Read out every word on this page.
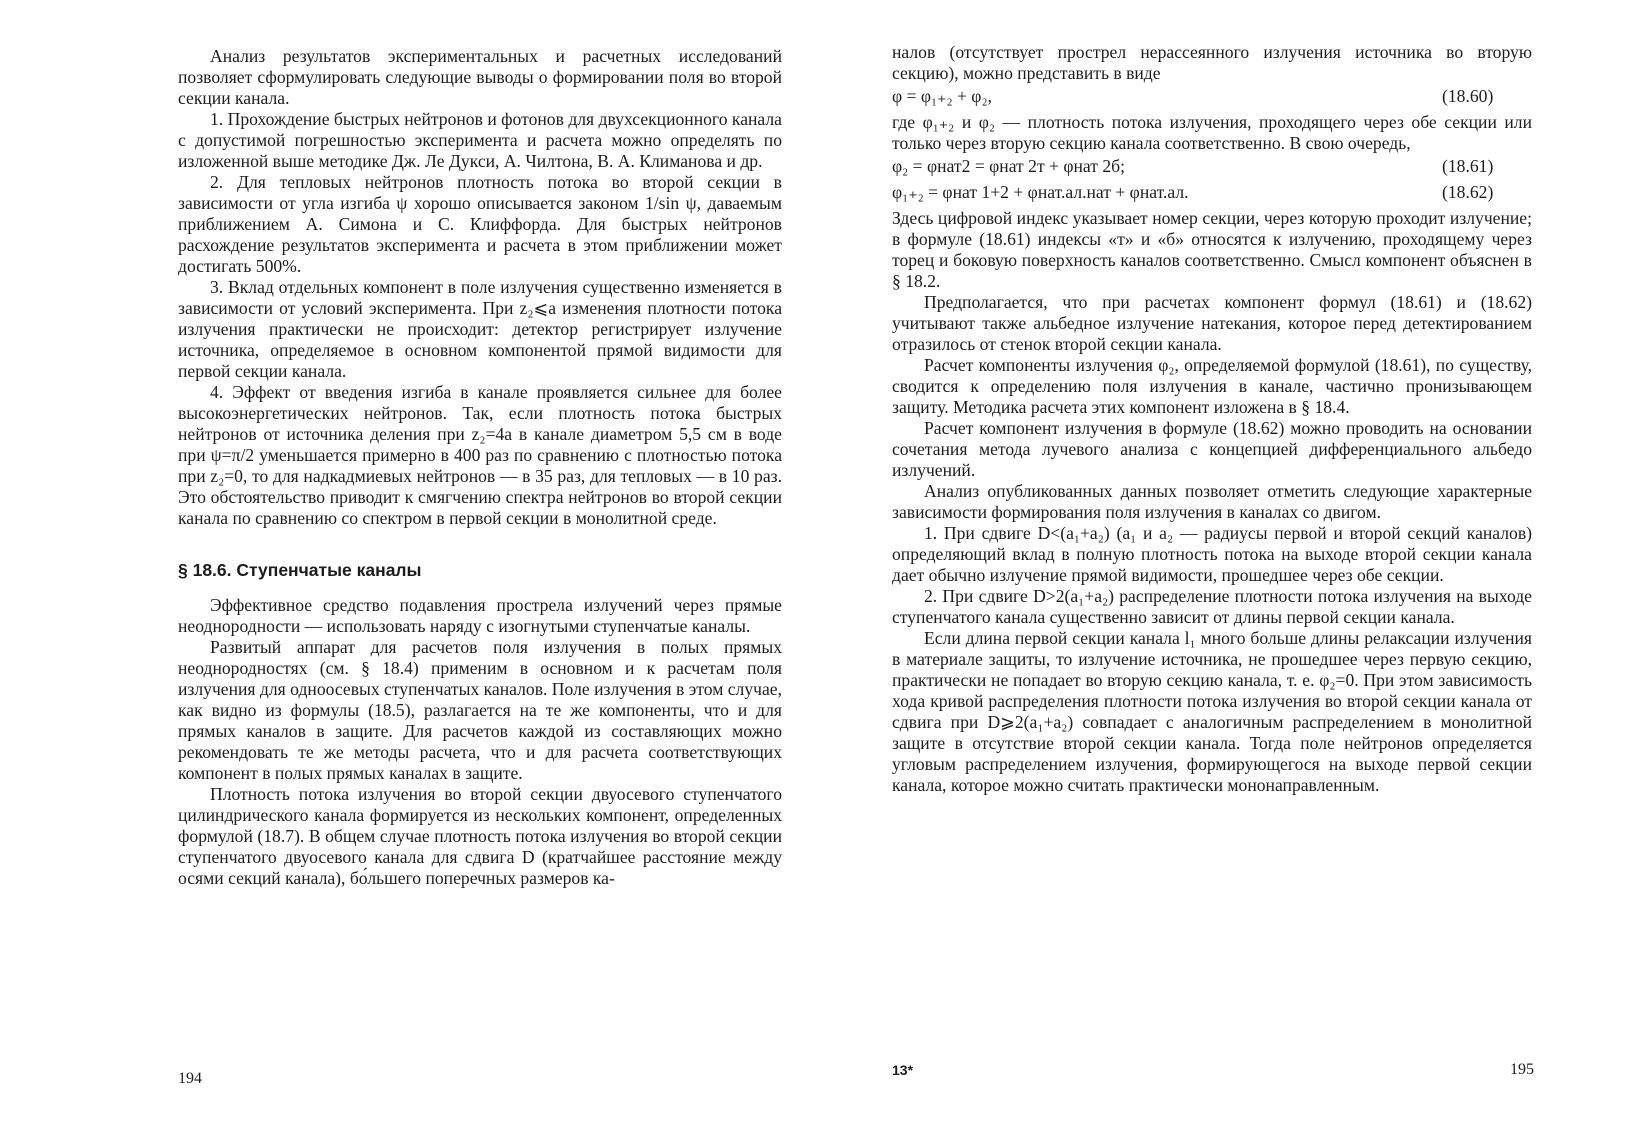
Анализ результатов экспериментальных и расчетных исследований позволяет сформулировать следующие выводы о формировании поля во второй секции канала.

1. Прохождение быстрых нейтронов и фотонов для двухсекционного канала с допустимой погрешностью эксперимента и расчета можно определять по изложенной выше методике Дж. Ле Дукси, А. Чилтона, В. А. Климанова и др.

2. Для тепловых нейтронов плотность потока во второй секции в зависимости от угла изгиба ψ хорошо описывается законом 1/sin ψ, даваемым приближением А. Симона и С. Клиффорда. Для быстрых нейтронов расхождение результатов эксперимента и расчета в этом приближении может достигать 500%.

3. Вклад отдельных компонент в поле излучения существенно изменяется в зависимости от условий эксперимента. При z₂⩽a изменения плотности потока излучения практически не происходит: детектор регистрирует излучение источника, определяемое в основном компонентой прямой видимости для первой секции канала.

4. Эффект от введения изгиба в канале проявляется сильнее для более высокоэнергетических нейтронов. Так, если плотность потока быстрых нейтронов от источника деления при z₂=4a в канале диаметром 5,5 см в воде при ψ=π/2 уменьшается примерно в 400 раз по сравнению с плотностью потока при z₂=0, то для надкадмиевых нейтронов — в 35 раз, для тепловых — в 10 раз. Это обстоятельство приводит к смягчению спектра нейтронов во второй секции канала по сравнению со спектром в первой секции в монолитной среде.

§ 18.6. Ступенчатые каналы

Эффективное средство подавления прострела излучений через прямые неоднородности — использовать наряду с изогнутыми ступенчатые каналы.

Развитый аппарат для расчетов поля излучения в полых прямых неоднородностях (см. § 18.4) применим в основном и к расчетам поля излучения для одноосевых ступенчатых каналов. Поле излучения в этом случае, как видно из формулы (18.5), разлагается на те же компоненты, что и для прямых каналов в защите. Для расчетов каждой из составляющих можно рекомендовать те же методы расчета, что и для расчета соответствующих компонент в полых прямых каналах в защите.

Плотность потока излучения во второй секции двуосевого ступенчатого цилиндрического канала формируется из нескольких компонент, определенных формулой (18.7). В общем случае плотность потока излучения во второй секции ступенчатого двуосевого канала для сдвига D (кратчайшее расстояние между осями секций канала), бо́льшего поперечных размеров ка-

194

налов (отсутствует прострел нерассеянного излучения источника во вторую секцию), можно представить в виде

φ = φ₁₊₂ + φ₂,	(18.60)

где φ₁₊₂ и φ₂ — плотность потока излучения, проходящего через обе секции или только через вторую секцию канала соответственно. В свою очередь,

φ₂ = φнат2 = φнат 2т + φнат 2б;	(18.61)
φ₁₊₂ = φнат 1+2 + φнат.ал.нат + φнат.ал.	(18.62)

Здесь цифровой индекс указывает номер секции, через которую проходит излучение; в формуле (18.61) индексы «т» и «б» относятся к излучению, проходящему через торец и боковую поверхность каналов соответственно. Смысл компонент объяснен в § 18.2.

Предполагается, что при расчетах компонент формул (18.61) и (18.62) учитывают также альбедное излучение натекания, которое перед детектированием отразилось от стенок второй секции канала.

Расчет компоненты излучения φ₂, определяемой формулой (18.61), по существу, сводится к определению поля излучения в канале, частично пронизывающем защиту. Методика расчета этих компонент изложена в § 18.4.

Расчет компонент излучения в формуле (18.62) можно проводить на основании сочетания метода лучевого анализа с концепцией дифференциального альбедо излучений.

Анализ опубликованных данных позволяет отметить следующие характерные зависимости формирования поля излучения в каналах со двигом.

1. При сдвиге D<(a₁+a₂) (a₁ и a₂ — радиусы первой и второй секций каналов) определяющий вклад в полную плотность потока на выходе второй секции канала дает обычно излучение прямой видимости, прошедшее через обе секции.

2. При сдвиге D>2(a₁+a₂) распределение плотности потока излучения на выходе ступенчатого канала существенно зависит от длины первой секции канала.

Если длина первой секции канала l₁ много больше длины релаксации излучения в материале защиты, то излучение источника, не прошедшее через первую секцию, практически не попадает во вторую секцию канала, т. е. φ₂=0. При этом зависимость хода кривой распределения плотности потока излучения во второй секции канала от сдвига при D⩾2(a₁+a₂) совпадает с аналогичным распределением в монолитной защите в отсутствие второй секции канала. Тогда поле нейтронов определяется угловым распределением излучения, формирующегося на выходе первой секции канала, которое можно считать практически мононаправленным.

13*	195
